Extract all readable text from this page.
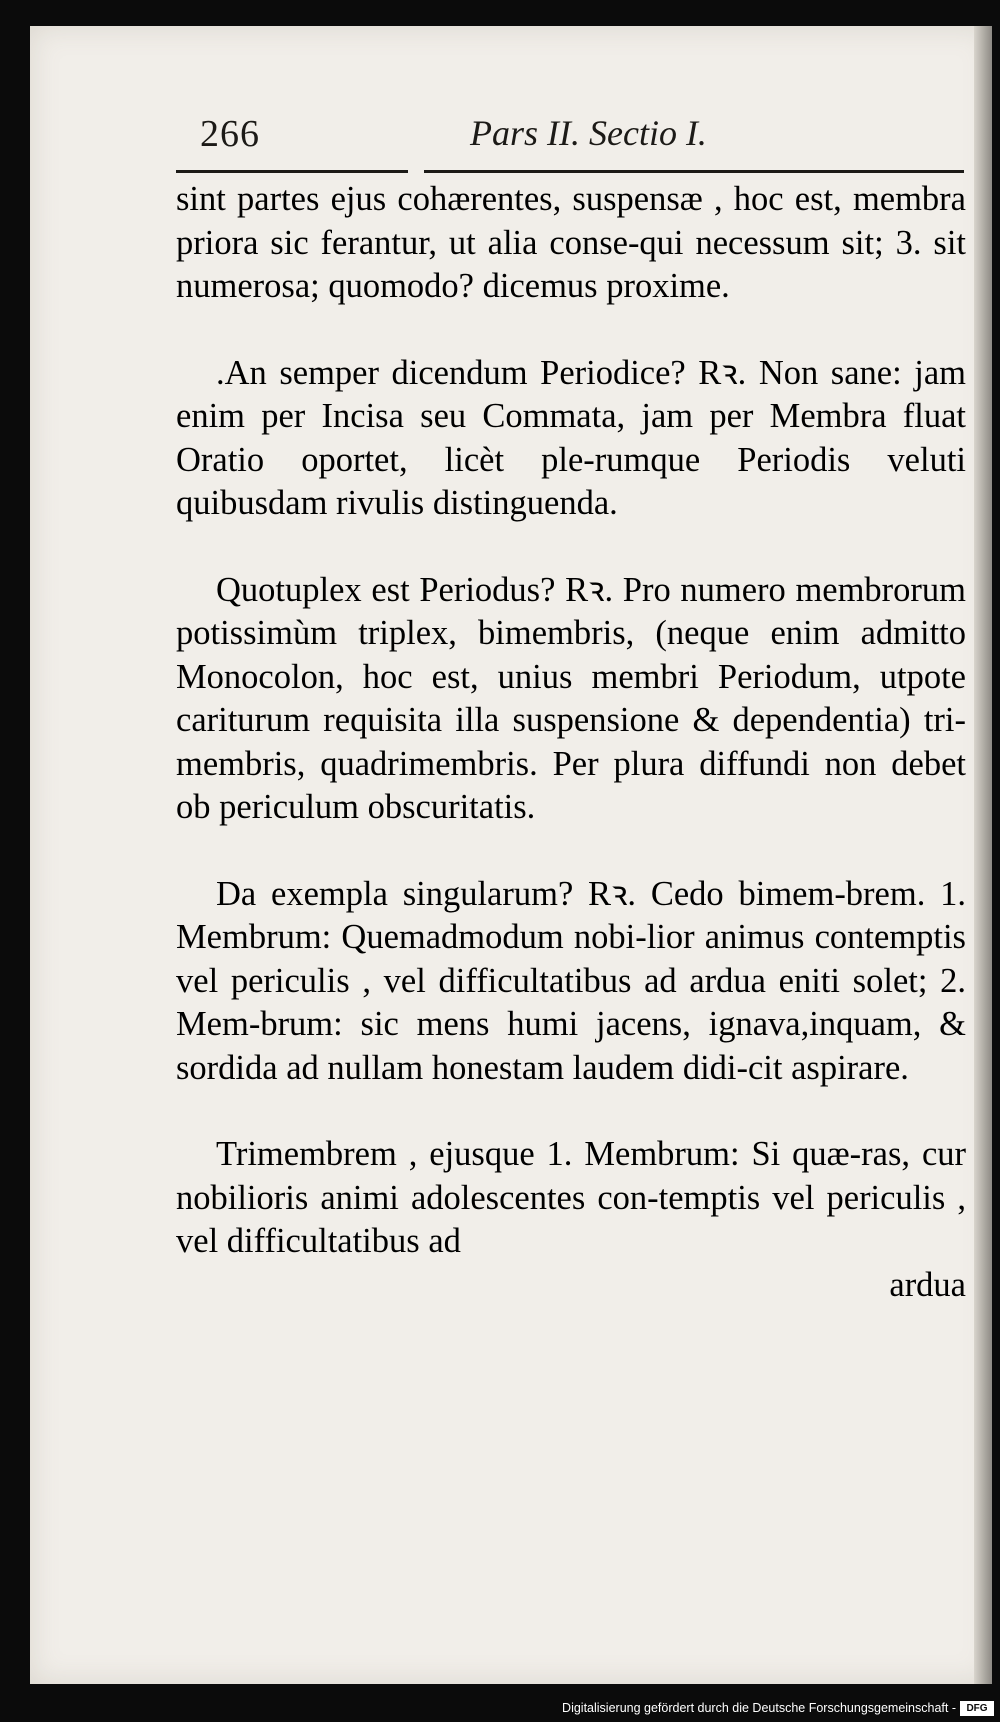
266	Pars II. Sectio I.

sint partes ejus cohærentes, suspensæ , hoc est, membra priora sic ferantur, ut alia conse-qui necessum sit; 3. sit numerosa; quomodo? dicemus proxime.

.An semper dicendum Periodice? Rꝛ. Non sane: jam enim per Incisa seu Commata, jam per Membra fluat Oratio oportet, licèt ple-rumque Periodis veluti quibusdam rivulis distinguenda.

Quotuplex est Periodus? Rꝛ. Pro numero membrorum potissimùm triplex, bimembris, (neque enim admitto Monocolon, hoc est, unius membri Periodum, utpote cariturum requisita illa suspensione & dependentia) tri-membris, quadrimembris. Per plura diffundi non debet ob periculum obscuritatis.

Da exempla singularum? Rꝛ. Cedo bimem-brem. 1. Membrum: Quemadmodum nobi-lior animus contemptis vel periculis , vel difficultatibus ad ardua eniti solet; 2. Mem-brum: sic mens humi jacens, ignava,inquam, & sordida ad nullam honestam laudem didi-cit aspirare.

Trimembrem , ejusque 1. Membrum: Si quæ-ras, cur nobilioris animi adolescentes con-temptis vel periculis , vel difficultatibus ad

ardua

Digitalisierung gefördert durch die Deutsche Forschungsgemeinschaft -	DFG
